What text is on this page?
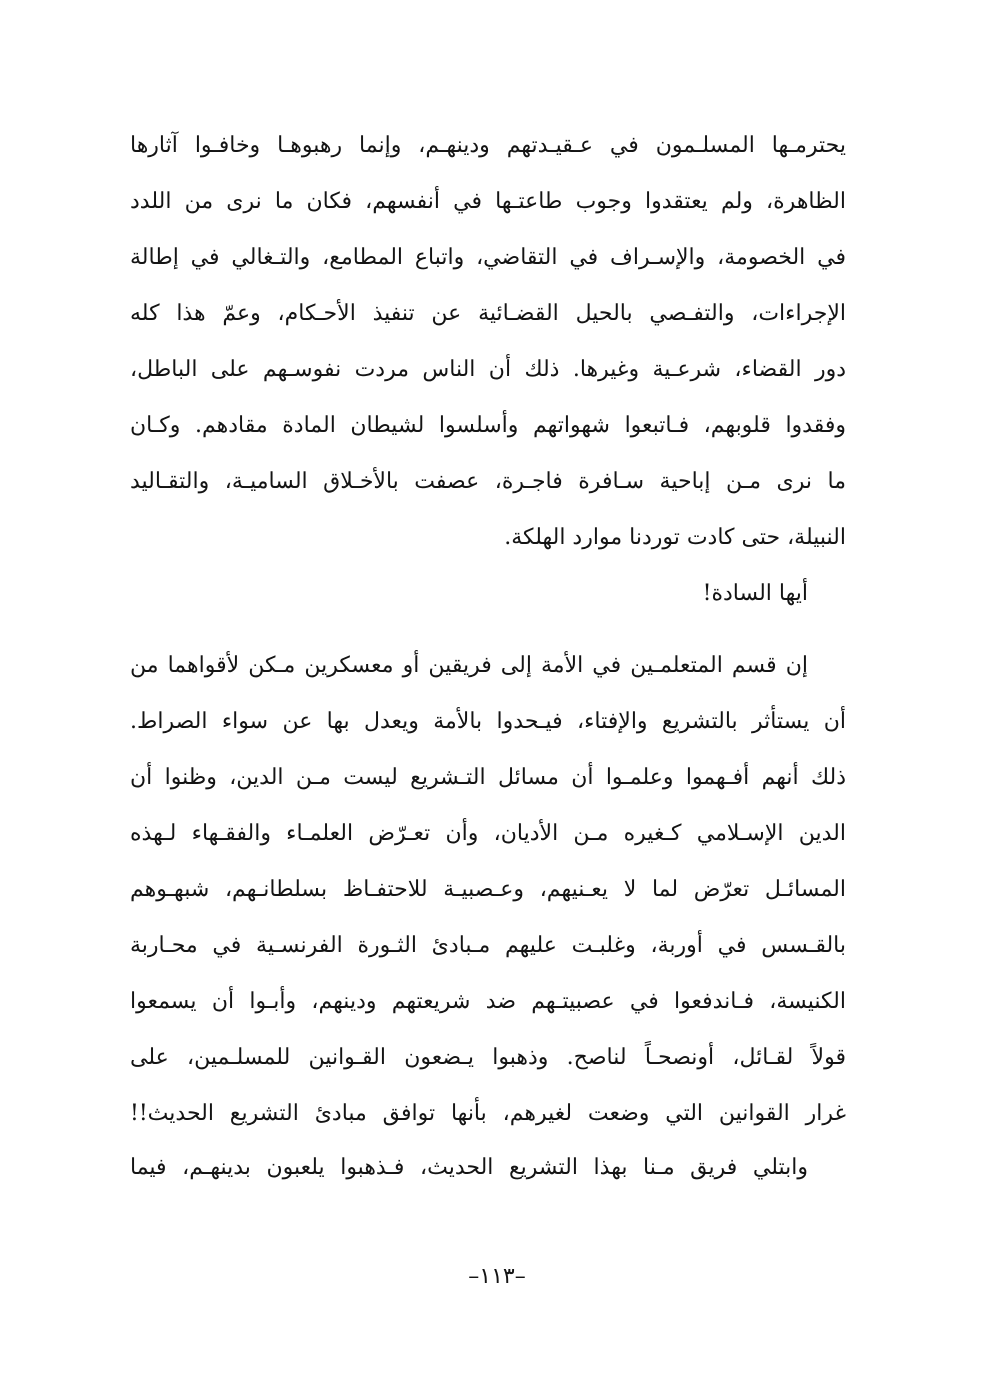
يحترمـها المسلـمون في عـقيـدتهم ودينهـم، وإنما رهبوهـا وخافـوا آثارها
الظاهرة، ولم يعتقدوا وجوب طاعتـها في أنفسهم، فكان ما نرى من اللدد
في الخصومة، والإسـراف في التقاضي، واتباع المطامع، والتـغالي في إطالة
الإجراءات، والتفـصي بالحيل القضـائية عن تنفيذ الأحـكام، وعمّ هذا كله
دور القضاء، شرعـية وغيرها. ذلك أن الناس مردت نفوسـهم على الباطل،
وفقدوا قلوبهم، فـاتبعوا شهواتهم وأسلسوا لشيطان المادة مقادهم. وكـان
ما نرى مـن إباحية سـافرة فاجـرة، عصفت بالأخـلاق الساميـة، والتقـاليد
النبيلة، حتى كادت توردنا موارد الهلكة.
أيها السادة!
إن قسم المتعلمـين في الأمة إلى فريقين أو معسكرين مـكن لأقواهما من
أن يستأثر بالتشريع والإفتاء، فيـحدوا بالأمة ويعدل بها عن سواء الصراط.
ذلك أنهم أفـهموا وعلمـوا أن مسائل التـشريع ليست مـن الدين، وظنوا أن
الدين الإسـلامي كـغيره مـن الأديان، وأن تعـرّض العلمـاء والفقـهاء لـهذه
المسائـل تعرّض لما لا يعـنيهم، وعـصبيـة للاحتفـاظ بسلطانـهم، شبهـوهم
بالقـسس في أوربة، وغلبـت عليهم مـبادئ الثـورة الفرنسـية في محـاربة
الكنيسة، فـاندفعوا في عصبيتـهم ضد شريعتهم ودينهم، وأبـوا أن يسمعوا
قولاً لقـائل، أونصحـاً لناصح. وذهبوا يـضعون القـوانين للمسلـمين، على
غرار القوانين التي وضعت لغيرهم، بأنها توافق مبادئ التشريع الحديث!!
وابتلي فريق مـنا بهذا التشريع الحديث، فـذهبوا يلعبون بدينهـم، فيما
–١١٣–
